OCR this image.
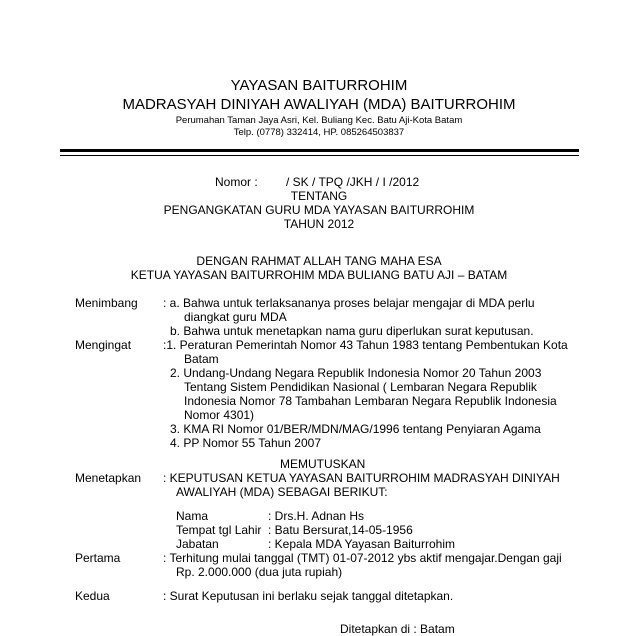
YAYASAN BAITURROHIM
MADRASYAH DINIYAH AWALIYAH (MDA) BAITURROHIM
Perumahan Taman Jaya Asri, Kel. Buliang Kec. Batu Aji-Kota Batam
Telp. (0778) 332414, HP. 085264503837
Nomor : / SK / TPQ /JKH / I /2012
TENTANG
PENGANGKATAN GURU MDA YAYASAN BAITURROHIM
TAHUN 2012
DENGAN RAHMAT ALLAH TANG MAHA ESA
KETUA YAYASAN BAITURROHIM MDA BULIANG BATU AJI – BATAM
Menimbang : a. Bahwa untuk terlaksananya proses belajar mengajar di MDA perlu
diangkat guru MDA
b. Bahwa untuk menetapkan nama guru diperlukan surat keputusan.
Mengingat	:1. Peraturan Pemerintah Nomor 43 Tahun 1983 tentang Pembentukan Kota
Batam
2. Undang-Undang Negara Republik Indonesia Nomor 20 Tahun 2003
Tentang Sistem Pendidikan Nasional ( Lembaran Negara Republik
Indonesia Nomor 78 Tambahan Lembaran Negara Republik Indonesia
Nomor 4301)
3. KMA RI Nomor 01/BER/MDN/MAG/1996 tentang Penyiaran Agama
4. PP Nomor 55 Tahun 2007
MEMUTUSKAN
Menetapkan : KEPUTUSAN KETUA YAYASAN BAITURROHIM MADRASYAH DINIYAH
AWALIYAH (MDA) SEBAGAI BERIKUT:
Nama	: Drs.H. Adnan Hs
Tempat tgl Lahir : Batu Bersurat,14-05-1956
Jabatan	: Kepala MDA Yayasan Baiturrohim
Pertama	: Terhitung mulai tanggal (TMT) 01-07-2012 ybs aktif mengajar.Dengan gaji
Rp. 2.000.000 (dua juta rupiah)
Kedua	: Surat Keputusan ini berlaku sejak tanggal ditetapkan.
Ditetapkan di : Batam
